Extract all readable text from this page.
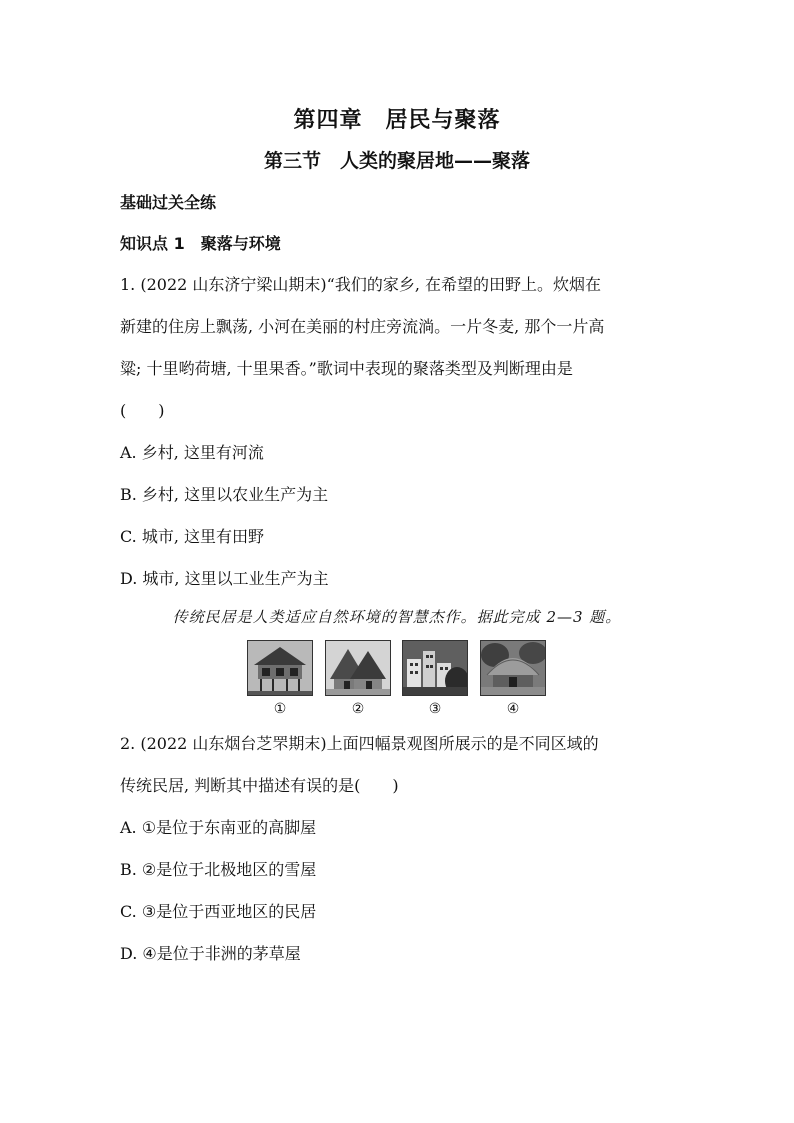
第四章　居民与聚落
第三节　人类的聚居地——聚落
基础过关全练
知识点 1　聚落与环境
1. (2022 山东济宁梁山期末)“我们的家乡, 在希望的田野上。炊烟在
新建的住房上飘荡, 小河在美丽的村庄旁流淌。一片冬麦, 那个一片高
粱; 十里哟荷塘, 十里果香。”歌词中表现的聚落类型及判断理由是
(　　)
A. 乡村, 这里有河流
B. 乡村, 这里以农业生产为主
C. 城市, 这里有田野
D. 城市, 这里以工业生产为主
传统民居是人类适应自然环境的智慧杰作。据此完成 2—3 题。
①	②	③	④
2. (2022 山东烟台芝罘期末)上面四幅景观图所展示的是不同区域的
传统民居, 判断其中描述有误的是(　　)
A. ①是位于东南亚的高脚屋
B. ②是位于北极地区的雪屋
C. ③是位于西亚地区的民居
D. ④是位于非洲的茅草屋
